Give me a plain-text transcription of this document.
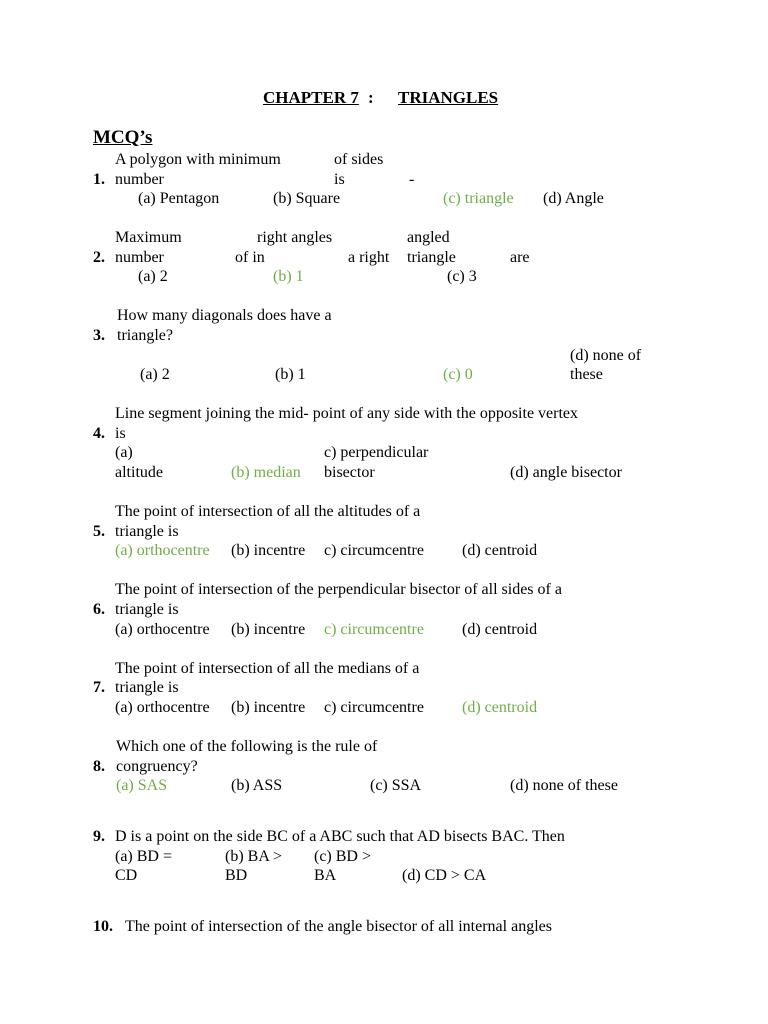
CHAPTER 7 : TRIANGLES
MCQ’s
A polygon with minimum	of sides
1. number	is	-
(a) Pentagon	(b) Square	(c) triangle (d) Angle
Maximum	right angles	angled
2. number	of in	a right triangle	are
(a) 2	(b) 1	(c) 3
How many diagonals does have a
3. triangle?
(d) none of
(a) 2	(b) 1	(c) 0	these
Line segment joining the mid- point of any side with the opposite vertex
4. is
(a)	c) perpendicular
altitude	(b) median bisector	(d) angle bisector
The point of intersection of all the altitudes of a
5. triangle is
(a) orthocentre (b) incentre c) circumcentre (d) centroid
The point of intersection of the perpendicular bisector of all sides of a
6. triangle is
(a) orthocentre (b) incentre c) circumcentre (d) centroid
The point of intersection of all the medians of a
7. triangle is
(a) orthocentre (b) incentre c) circumcentre (d) centroid
Which one of the following is the rule of
8. congruency?
(a) SAS	(b) ASS	(c) SSA	(d) none of these
9. D is a point on the side BC of a ABC such that AD bisects BAC. Then
(a) BD =	(b) BA > (c) BD >
CD	BD	BA	(d) CD > CA
10. The point of intersection of the angle bisector of all internal angles
